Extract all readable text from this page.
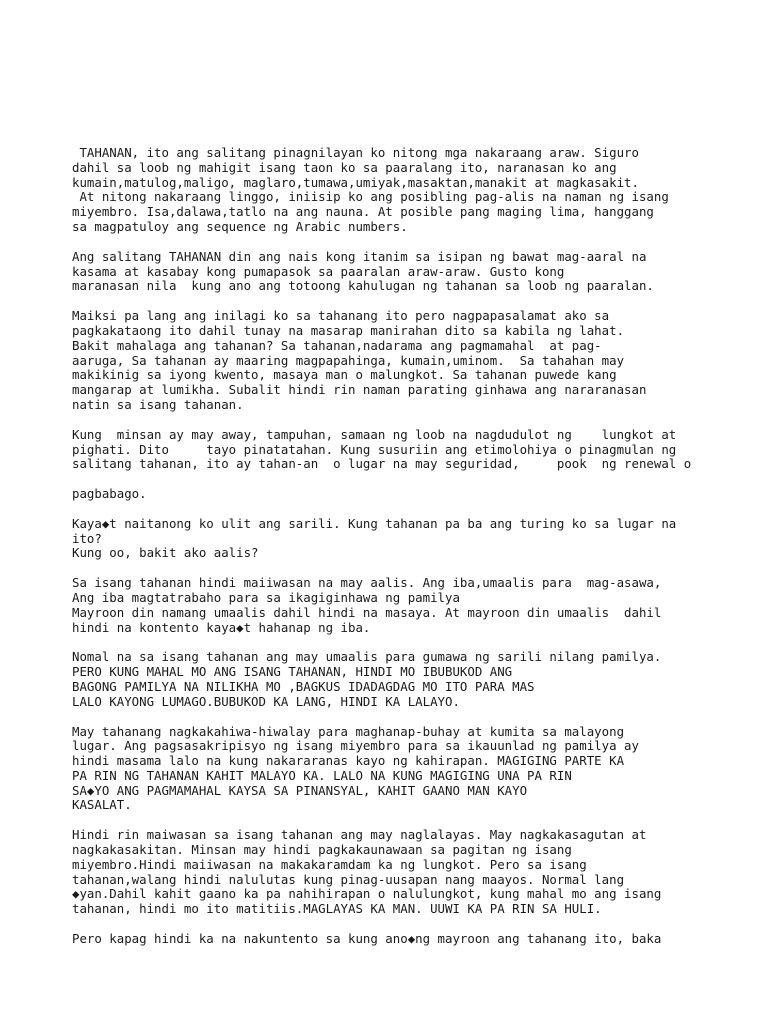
TAHANAN, ito ang salitang pinagnilayan ko nitong mga nakaraang araw. Siguro
dahil sa loob ng mahigit isang taon ko sa paaralang ito, naranasan ko ang
kumain,matulog,maligo, maglaro,tumawa,umiyak,masaktan,manakit at magkasakit.
At nitong nakaraang linggo, iniisip ko ang posibling pag-alis na naman ng isang
miyembro. Isa,dalawa,tatlo na ang nauna. At posible pang maging lima, hanggang
sa magpatuloy ang sequence ng Arabic numbers.
Ang salitang TAHANAN din ang nais kong itanim sa isipan ng bawat mag-aaral na
kasama at kasabay kong pumapasok sa paaralan araw-araw. Gusto kong
maranasan nila  kung ano ang totoong kahulugan ng tahanan sa loob ng paaralan.
Maiksi pa lang ang inilagi ko sa tahanang ito pero nagpapasalamat ako sa
pagkakataong ito dahil tunay na masarap manirahan dito sa kabila ng lahat.
Bakit mahalaga ang tahanan? Sa tahanan,nadarama ang pagmamahal  at pag-
aaruga, Sa tahanan ay maaring magpapahinga, kumain,uminom.  Sa tahahan may
makikinig sa iyong kwento, masaya man o malungkot. Sa tahanan puwede kang
mangarap at lumikha. Subalit hindi rin naman parating ginhawa ang nararanasan
natin sa isang tahanan.
Kung  minsan ay may away, tampuhan, samaan ng loob na nagdudulot ng    lungkot at
pighati. Dito     tayo pinatatahan. Kung susuriin ang etimolohiya o pinagmulan ng
salitang tahanan, ito ay tahan-an  o lugar na may seguridad,     pook  ng renewal o
pagbabago.
Kaya◆t naitanong ko ulit ang sarili. Kung tahanan pa ba ang turing ko sa lugar na
ito?
Kung oo, bakit ako aalis?
Sa isang tahanan hindi maiiwasan na may aalis. Ang iba,umaalis para  mag-asawa,
Ang iba magtatrabaho para sa ikagiginhawa ng pamilya
Mayroon din namang umaalis dahil hindi na masaya. At mayroon din umaalis  dahil
hindi na kontento kaya◆t hahanap ng iba.
Nomal na sa isang tahanan ang may umaalis para gumawa ng sarili nilang pamilya.
PERO KUNG MAHAL MO ANG ISANG TAHANAN, HINDI MO IBUBUKOD ANG
BAGONG PAMILYA NA NILIKHA MO ,BAGKUS IDADAGDAG MO ITO PARA MAS
LALO KAYONG LUMAGO.BUBUKOD KA LANG, HINDI KA LALAYO.
May tahanang nagkakahiwa-hiwalay para maghanap-buhay at kumita sa malayong
lugar. Ang pagsasakripisyo ng isang miyembro para sa ikauunlad ng pamilya ay
hindi masama lalo na kung nakararanas kayo ng kahirapan. MAGIGING PARTE KA
PA RIN NG TAHANAN KAHIT MALAYO KA. LALO NA KUNG MAGIGING UNA PA RIN
SA◆YO ANG PAGMAMAHAL KAYSA SA PINANSYAL, KAHIT GAANO MAN KAYO
KASALAT.
Hindi rin maiwasan sa isang tahanan ang may naglalayas. May nagkakasagutan at
nagkakasakitan. Minsan may hindi pagkakaunawaan sa pagitan ng isang
miyembro.Hindi maiiwasan na makakaramdam ka ng lungkot. Pero sa isang
tahanan,walang hindi nalulutas kung pinag-uusapan nang maayos. Normal lang
◆yan.Dahil kahit gaano ka pa nahihirapan o nalulungkot, kung mahal mo ang isang
tahanan, hindi mo ito matitiis.MAGLAYAS KA MAN. UUWI KA PA RIN SA HULI.
Pero kapag hindi ka na nakuntento sa kung ano◆ng mayroon ang tahanang ito, baka
